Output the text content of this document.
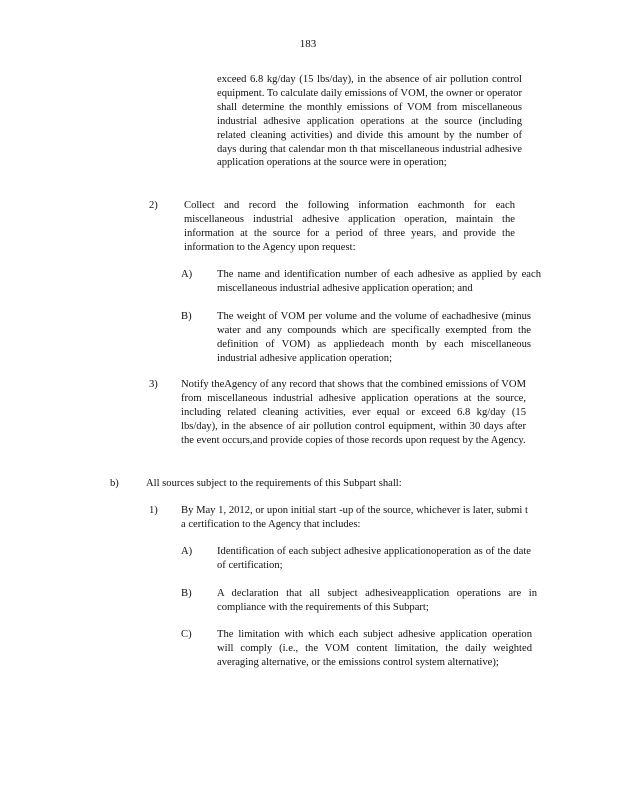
183

exceed 6.8 kg/day (15 lbs/day), in the absence of air pollution control equipment. To calculate daily emissions of VOM, the owner or operator shall determine the monthly emissions of VOM from miscellaneous industrial adhesive application operations at the source (including related cleaning activities) and divide this amount by the number of days during that calendar mon th that miscellaneous industrial adhesive application operations at the source were in operation;

2) Collect and record the following information eachmonth for each miscellaneous industrial adhesive application operation, maintain the information at the source for a period of three years, and provide the information to the Agency upon request:

A) The name and identification number of each adhesive as applied by each miscellaneous industrial adhesive application operation; and

B) The weight of VOM per volume and the volume of eachadhesive (minus water and any compounds which are specifically exempted from the definition of VOM) as appliedeach month by each miscellaneous industrial adhesive application operation;

3) Notify theAgency of any record that shows that the combined emissions of VOM from miscellaneous industrial adhesive application operations at the source, including related cleaning activities, ever equal or exceed 6.8 kg/day (15 lbs/day), in the absence of air pollution control equipment, within 30 days after the event occurs,and provide copies of those records upon request by the Agency.

b)	All sources subject to the requirements of this Subpart shall:

1) By May 1, 2012, or upon initial start -up of the source, whichever is later, submi t a certification to the Agency that includes:

A) Identification of each subject adhesive applicationoperation as of the date of certification;

B) A declaration that all subject adhesiveapplication operations are in compliance with the requirements of this Subpart;

C) The limitation with which each subject adhesive application operation will comply (i.e., the VOM content limitation, the daily weighted averaging alternative, or the emissions control system alternative);
